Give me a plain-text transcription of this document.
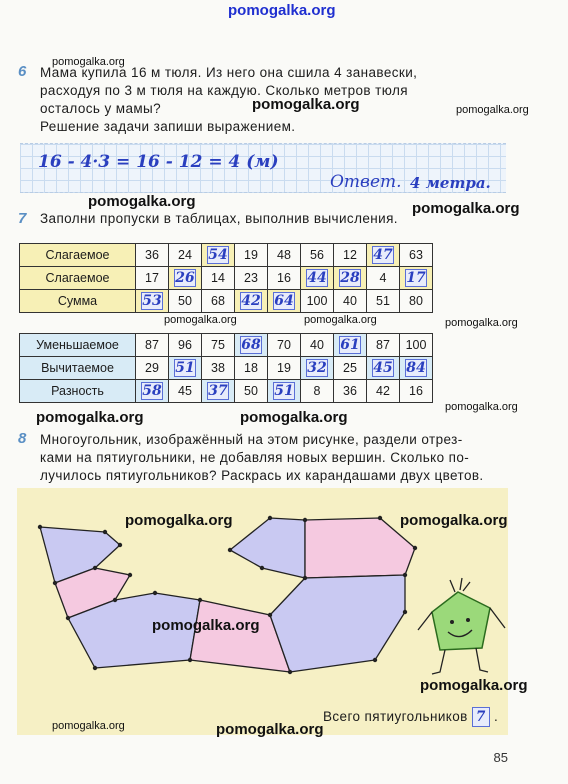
pomogalka.org
6 Мама купила 16 м тюля. Из него она сшила 4 занавески,
расходуя по 3 м тюля на каждую. Сколько метров тюля
осталось у мамы?
Решение задачи запиши выражением.
16 - 4·3 = 16 - 12 = 4 (м)
Ответ. 4 метра.
7 Заполни пропуски в таблицах, выполнив вычисления.
Слагаемое	36	24	54	19	48	56	12	47	63
Слагаемое	17	26	14	23	16	44	28	4	17
Сумма	53	50	68	42	64	100	40	51	80
Уменьшаемое	87	96	75	68	70	40	61	87	100
Вычитаемое	29	51	38	18	19	32	25	45	84
Разность	58	45	37	50	51	8	36	42	16
8 Многоугольник, изображённый на этом рисунке, раздели отрез-
ками на пятиугольники, не добавляя новых вершин. Сколько по-
лучилось пятиугольников? Раскрась их карандашами двух цветов.
Всего пятиугольников 7 .
85
pomogalka.org
pomogalka.org	pomogalka.org
pomogalka.org	pomogalka.org
pomogalka.org	pomogalka.org	pomogalka.org
pomogalka.org	pomogalka.org
pomogalka.org
pomogalka.org	pomogalka.org
pomogalka.org
pomogalka.org
pomogalka.org	pomogalka.org
